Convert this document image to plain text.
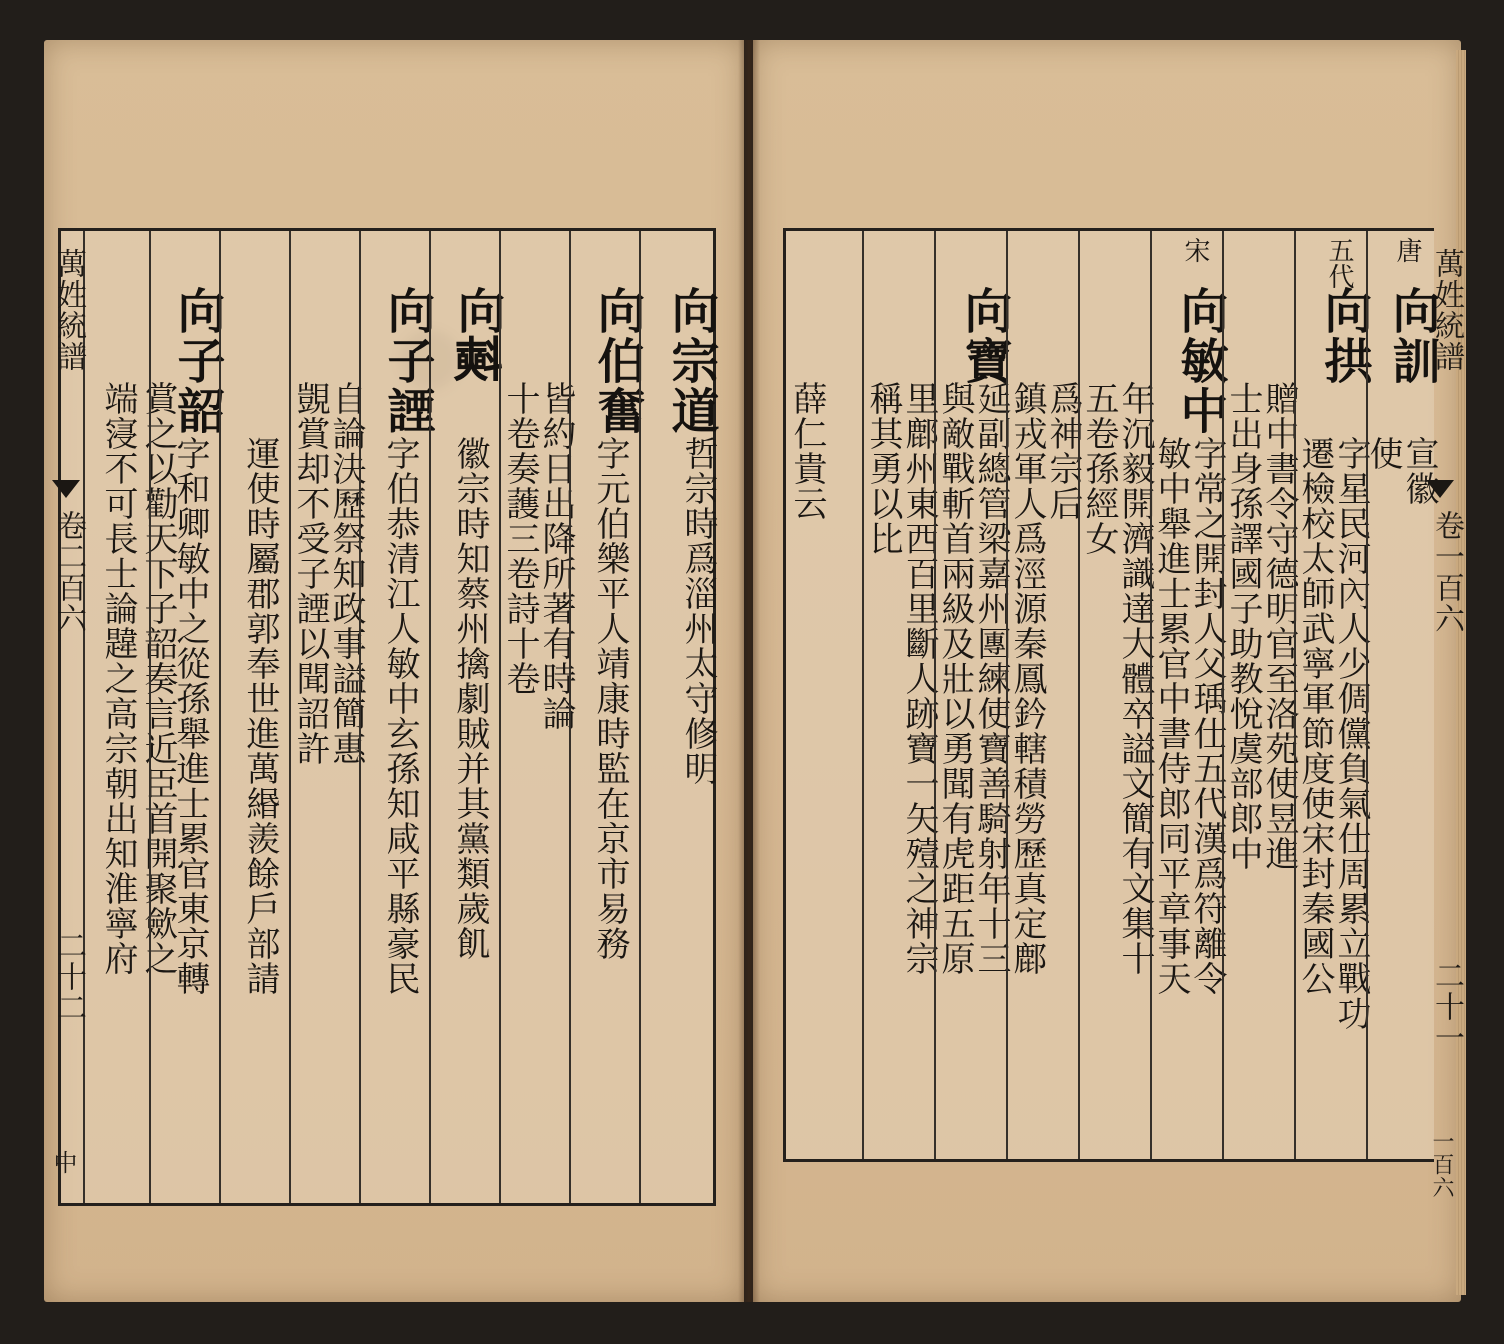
端寖不可長士論韙之高宗朝出知淮寧府 賞之以勸天下子韶奏言近臣首開聚歛之
向子韶
字和卿敏中之從孫舉進士累官東京轉 運使時屬郡郭奉世進萬緡羨餘戶部請 覬賞却不受子諲以聞詔許
自論決歷祭知政事謚簡惠
向子諲
字伯恭清江人敏中玄孫知咸平縣豪民
向𣂏
徽宗時知蔡州擒劇賊并其黨類歲飢 十卷奏䕶三卷詩十卷
皆約日出降所著有時論
向伯奮
字元伯樂平人靖康時監在京市易務
向宗道
哲宗時爲淄州太守修明
萬姓統譜
卷二百六
二十二
中
薛仁貴云 稱其勇以比
里鄜州東西百里斷人跡寶一矢殪之神宗
向寶
與敵戰斬首兩級及壯以勇聞有虎距五原
延副總管梁嘉州團練使寶善騎射年十三
鎮戎軍人爲涇源秦鳳鈐轄積勞歷真定鄜
爲神宗后
五卷孫經女
年沉毅開濟識達大體卒謚文簡有文集十
宋
向敏中
敏中舉進士累官中書侍郎同平章事天
字常之開封人父瑀仕五代漢爲符離令
士出身孫譯國子助教悅虞部郎中
贈中書令守德明官至洛苑使昱進
五代
向拱
字星民河內人少倜儻負氣仕周累立戰功
遷檢校太師武寧軍節度使宋封秦國公
唐
向訓
宣徽
使
萬姓統譜
卷一百六
二十一
一百六
